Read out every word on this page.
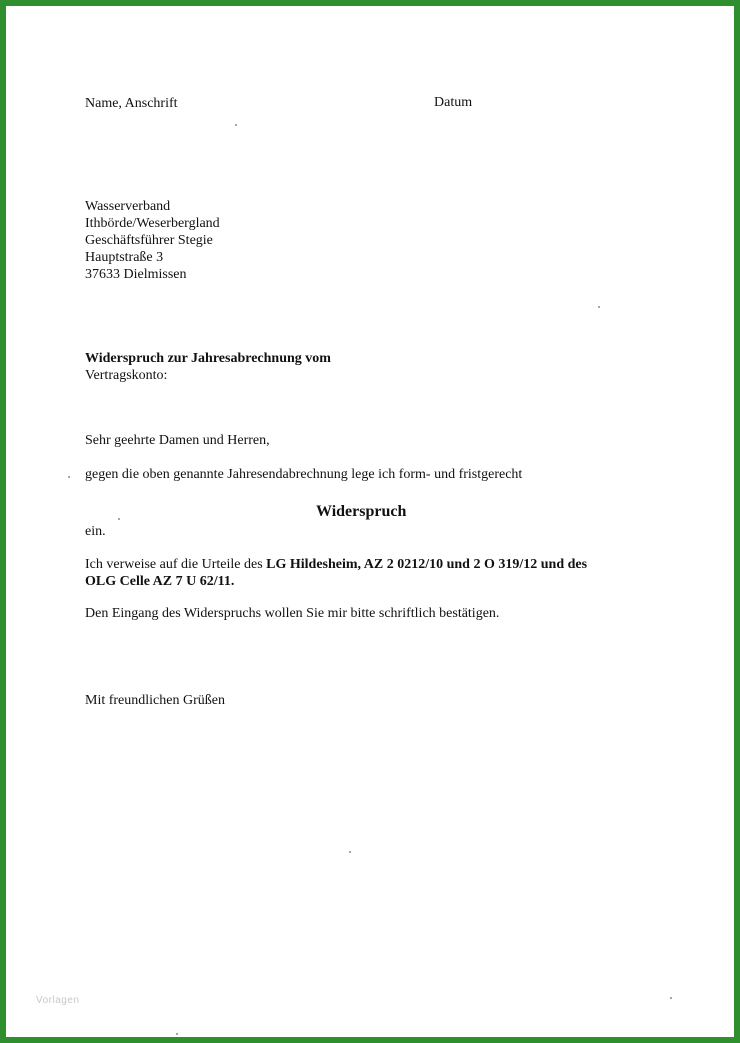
Name, Anschrift	Datum
Wasserverband
Ithbörde/Weserbergland
Geschäftsführer Stegie
Hauptstraße 3
37633 Dielmissen
Widerspruch zur Jahresabrechnung vom
Vertragskonto:
Sehr geehrte Damen und Herren,
gegen die oben genannte Jahresendabrechnung lege ich form- und fristgerecht
Widerspruch
ein.
Ich verweise auf die Urteile des LG Hildesheim, AZ 2 0212/10 und 2 O 319/12 und des
OLG Celle AZ 7 U 62/11.
Den Eingang des Widerspruchs wollen Sie mir bitte schriftlich bestätigen.
Mit freundlichen Grüßen
Vorlagen
